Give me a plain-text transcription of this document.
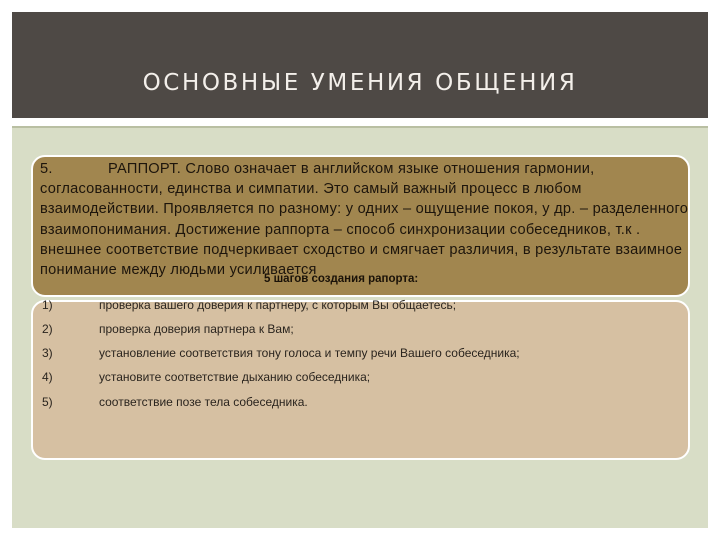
ОСНОВНЫЕ УМЕНИЯ ОБЩЕНИЯ

5.	РАППОРТ. Слово означает в английском языке отношения гармонии, согласованности, единства и симпатии. Это самый важный процесс в любом взаимодействии. Проявляется по разному: у одних – ощущение покоя, у др. – разделенного взаимопонимания. Достижение раппорта – способ синхронизации собеседников, т.к . внешнее соответствие подчеркивает сходство и смягчает различия, в результате взаимное понимание между людьми усиливается

5 шагов создания рапорта:
1)	проверка вашего доверия к партнеру, с которым Вы общаетесь;
2)	проверка доверия партнера к Вам;
3)	установление соответствия тону голоса и темпу речи Вашего собеседника;
4)	установите соответствие дыханию собеседника;
5)	соответствие позе тела собеседника.
